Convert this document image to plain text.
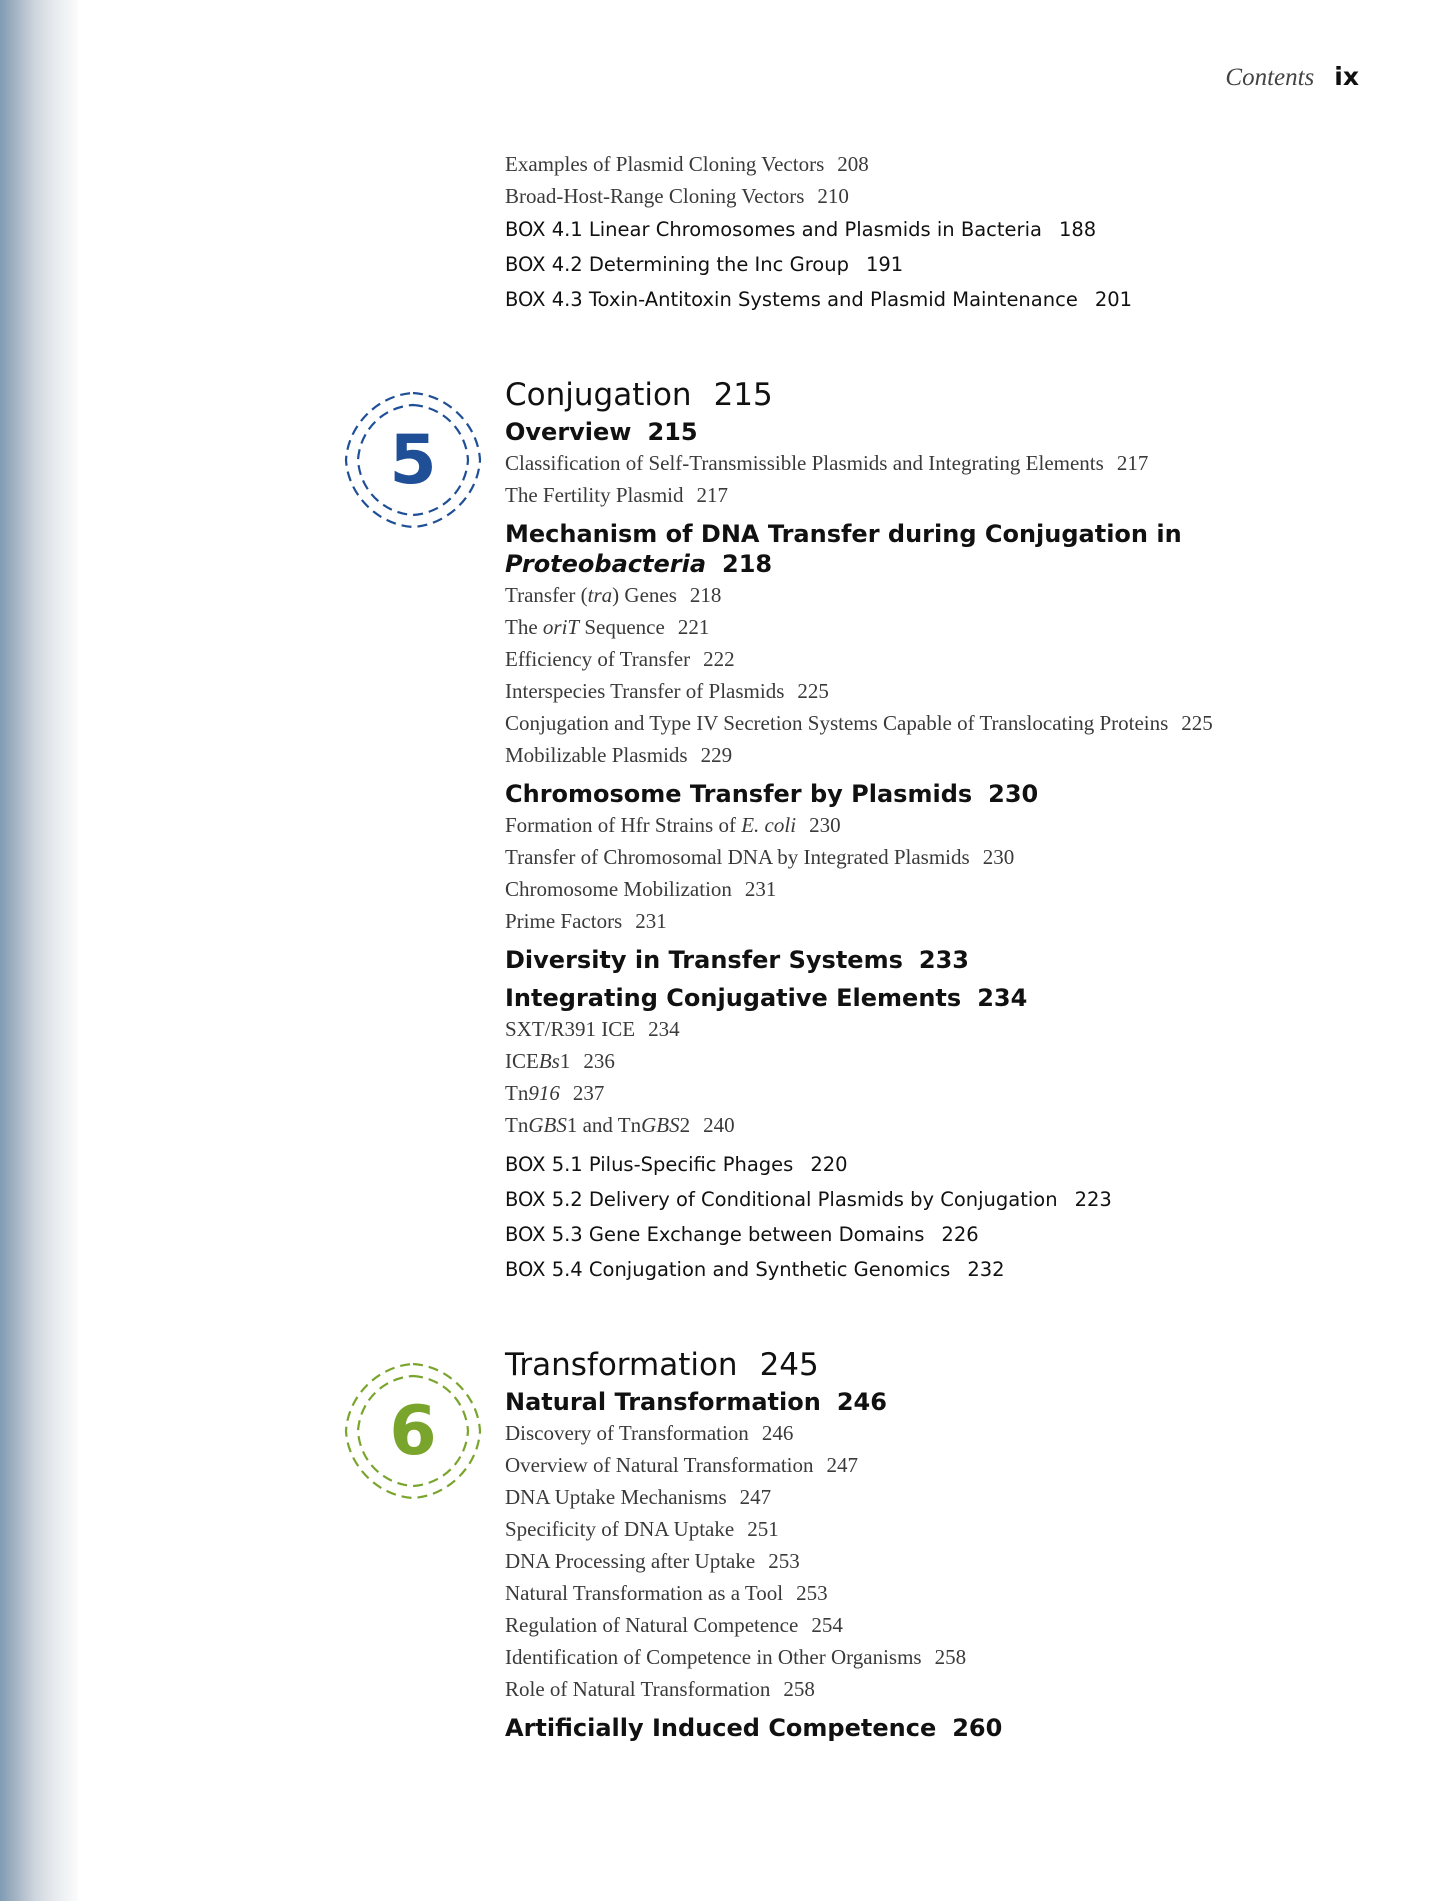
Contents ix
5
6
Examples of Plasmid Cloning Vectors 208
Broad-Host-Range Cloning Vectors 210
BOX 4.1 Linear Chromosomes and Plasmids in Bacteria 188
BOX 4.2 Determining the Inc Group 191
BOX 4.3 Toxin-Antitoxin Systems and Plasmid Maintenance 201
Conjugation 215
Overview 215
Classification of Self-Transmissible Plasmids and Integrating Elements 217
The Fertility Plasmid 217
Mechanism of DNA Transfer during Conjugation in
Proteobacteria 218
Transfer (tra) Genes 218
The oriT Sequence 221
Efficiency of Transfer 222
Interspecies Transfer of Plasmids 225
Conjugation and Type IV Secretion Systems Capable of Translocating Proteins 225
Mobilizable Plasmids 229
Chromosome Transfer by Plasmids 230
Formation of Hfr Strains of E. coli 230
Transfer of Chromosomal DNA by Integrated Plasmids 230
Chromosome Mobilization 231
Prime Factors 231
Diversity in Transfer Systems 233
Integrating Conjugative Elements 234
SXT/R391 ICE 234
ICEBs1 236
Tn916 237
TnGBS1 and TnGBS2 240
BOX 5.1 Pilus-Specific Phages 220
BOX 5.2 Delivery of Conditional Plasmids by Conjugation 223
BOX 5.3 Gene Exchange between Domains 226
BOX 5.4 Conjugation and Synthetic Genomics 232
Transformation 245
Natural Transformation 246
Discovery of Transformation 246
Overview of Natural Transformation 247
DNA Uptake Mechanisms 247
Specificity of DNA Uptake 251
DNA Processing after Uptake 253
Natural Transformation as a Tool 253
Regulation of Natural Competence 254
Identification of Competence in Other Organisms 258
Role of Natural Transformation 258
Artificially Induced Competence 260
